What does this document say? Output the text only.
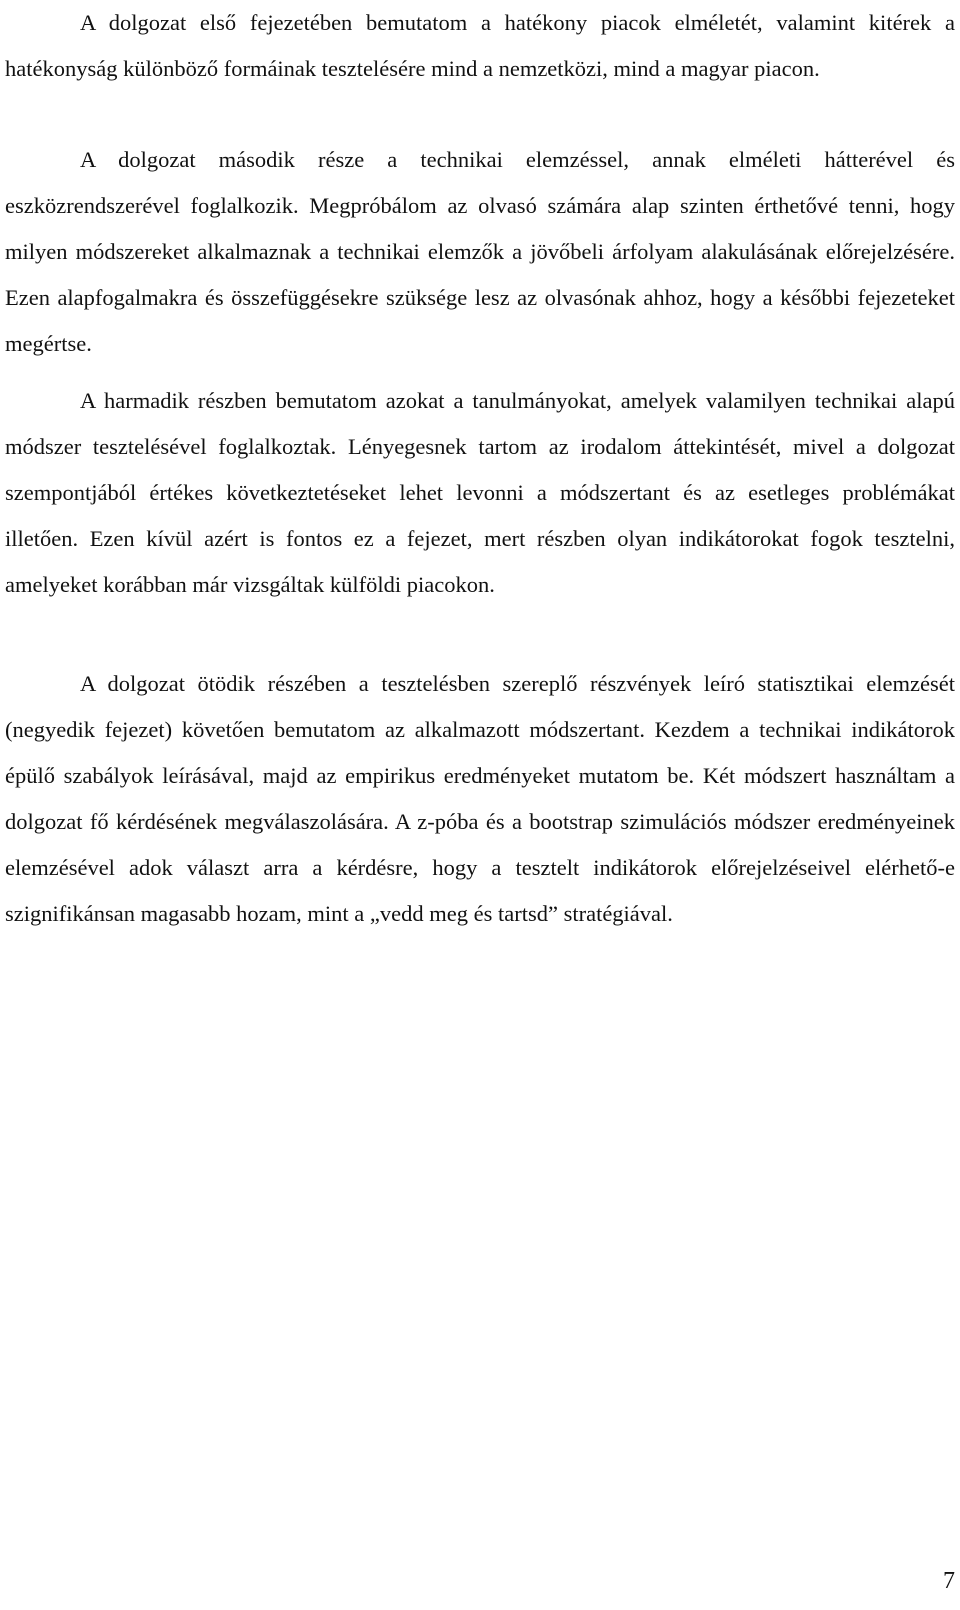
A dolgozat első fejezetében bemutatom a hatékony piacok elméletét, valamint kitérek a hatékonyság különböző formáinak tesztelésére mind a nemzetközi, mind a magyar piacon.

A dolgozat második része a technikai elemzéssel, annak elméleti hátterével és eszközrendszerével foglalkozik. Megpróbálom az olvasó számára alap szinten érthetővé tenni, hogy milyen módszereket alkalmaznak a technikai elemzők a jövőbeli árfolyam alakulásának előrejelzésére. Ezen alapfogalmakra és összefüggésekre szüksége lesz az olvasónak ahhoz, hogy a későbbi fejezeteket megértse.

A harmadik részben bemutatom azokat a tanulmányokat, amelyek valamilyen technikai alapú módszer tesztelésével foglalkoztak. Lényegesnek tartom az irodalom áttekintését, mivel a dolgozat szempontjából értékes következtetéseket lehet levonni a módszertant és az esetleges problémákat illetően. Ezen kívül azért is fontos ez a fejezet, mert részben olyan indikátorokat fogok tesztelni, amelyeket korábban már vizsgáltak külföldi piacokon.

A dolgozat ötödik részében a tesztelésben szereplő részvények leíró statisztikai elemzését (negyedik fejezet) követően bemutatom az alkalmazott módszertant. Kezdem a technikai indikátorok épülő szabályok leírásával, majd az empirikus eredményeket mutatom be. Két módszert használtam a dolgozat fő kérdésének megválaszolására. A z-póba és a bootstrap szimulációs módszer eredményeinek elemzésével adok választ arra a kérdésre, hogy a tesztelt indikátorok előrejelzéseivel elérhető-e szignifikánsan magasabb hozam, mint a „vedd meg és tartsd” stratégiával.

7
